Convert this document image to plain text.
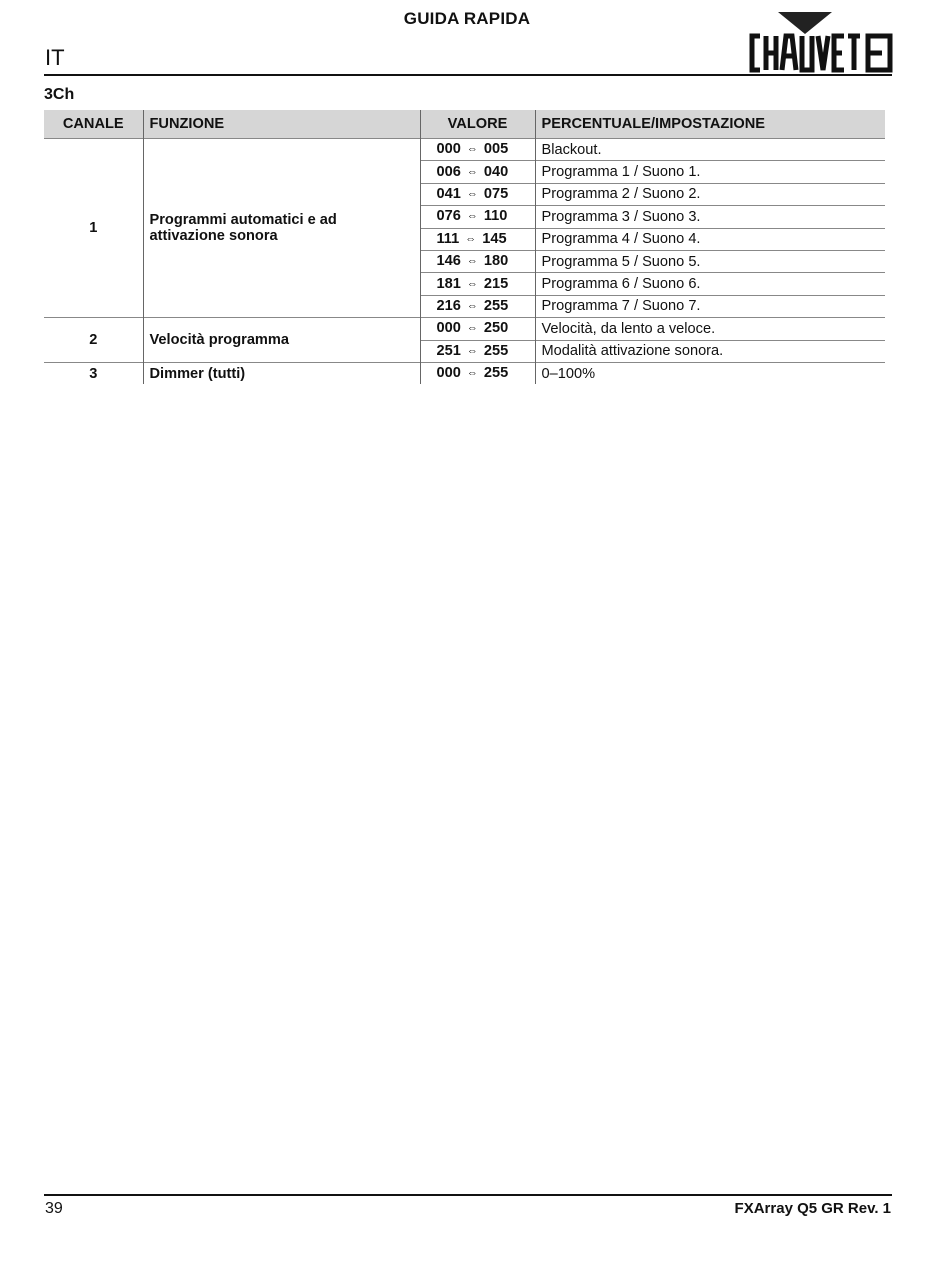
GUIDA RAPIDA
IT
CHAUVET DJ
3Ch
CANALE	FUNZIONE	VALORE	PERCENTUALE/IMPOSTAZIONE
1	Programmi automatici e ad attivazione sonora	000 ⇔ 005	Blackout.
		006 ⇔ 040	Programma 1 / Suono 1.
		041 ⇔ 075	Programma 2 / Suono 2.
		076 ⇔ 110	Programma 3 / Suono 3.
		111 ⇔ 145	Programma 4 / Suono 4.
		146 ⇔ 180	Programma 5 / Suono 5.
		181 ⇔ 215	Programma 6 / Suono 6.
		216 ⇔ 255	Programma 7 / Suono 7.
2	Velocità programma	000 ⇔ 250	Velocità, da lento a veloce.
		251 ⇔ 255	Modalità attivazione sonora.
3	Dimmer (tutti)	000 ⇔ 255	0–100%
39	FXArray Q5 GR Rev. 1
